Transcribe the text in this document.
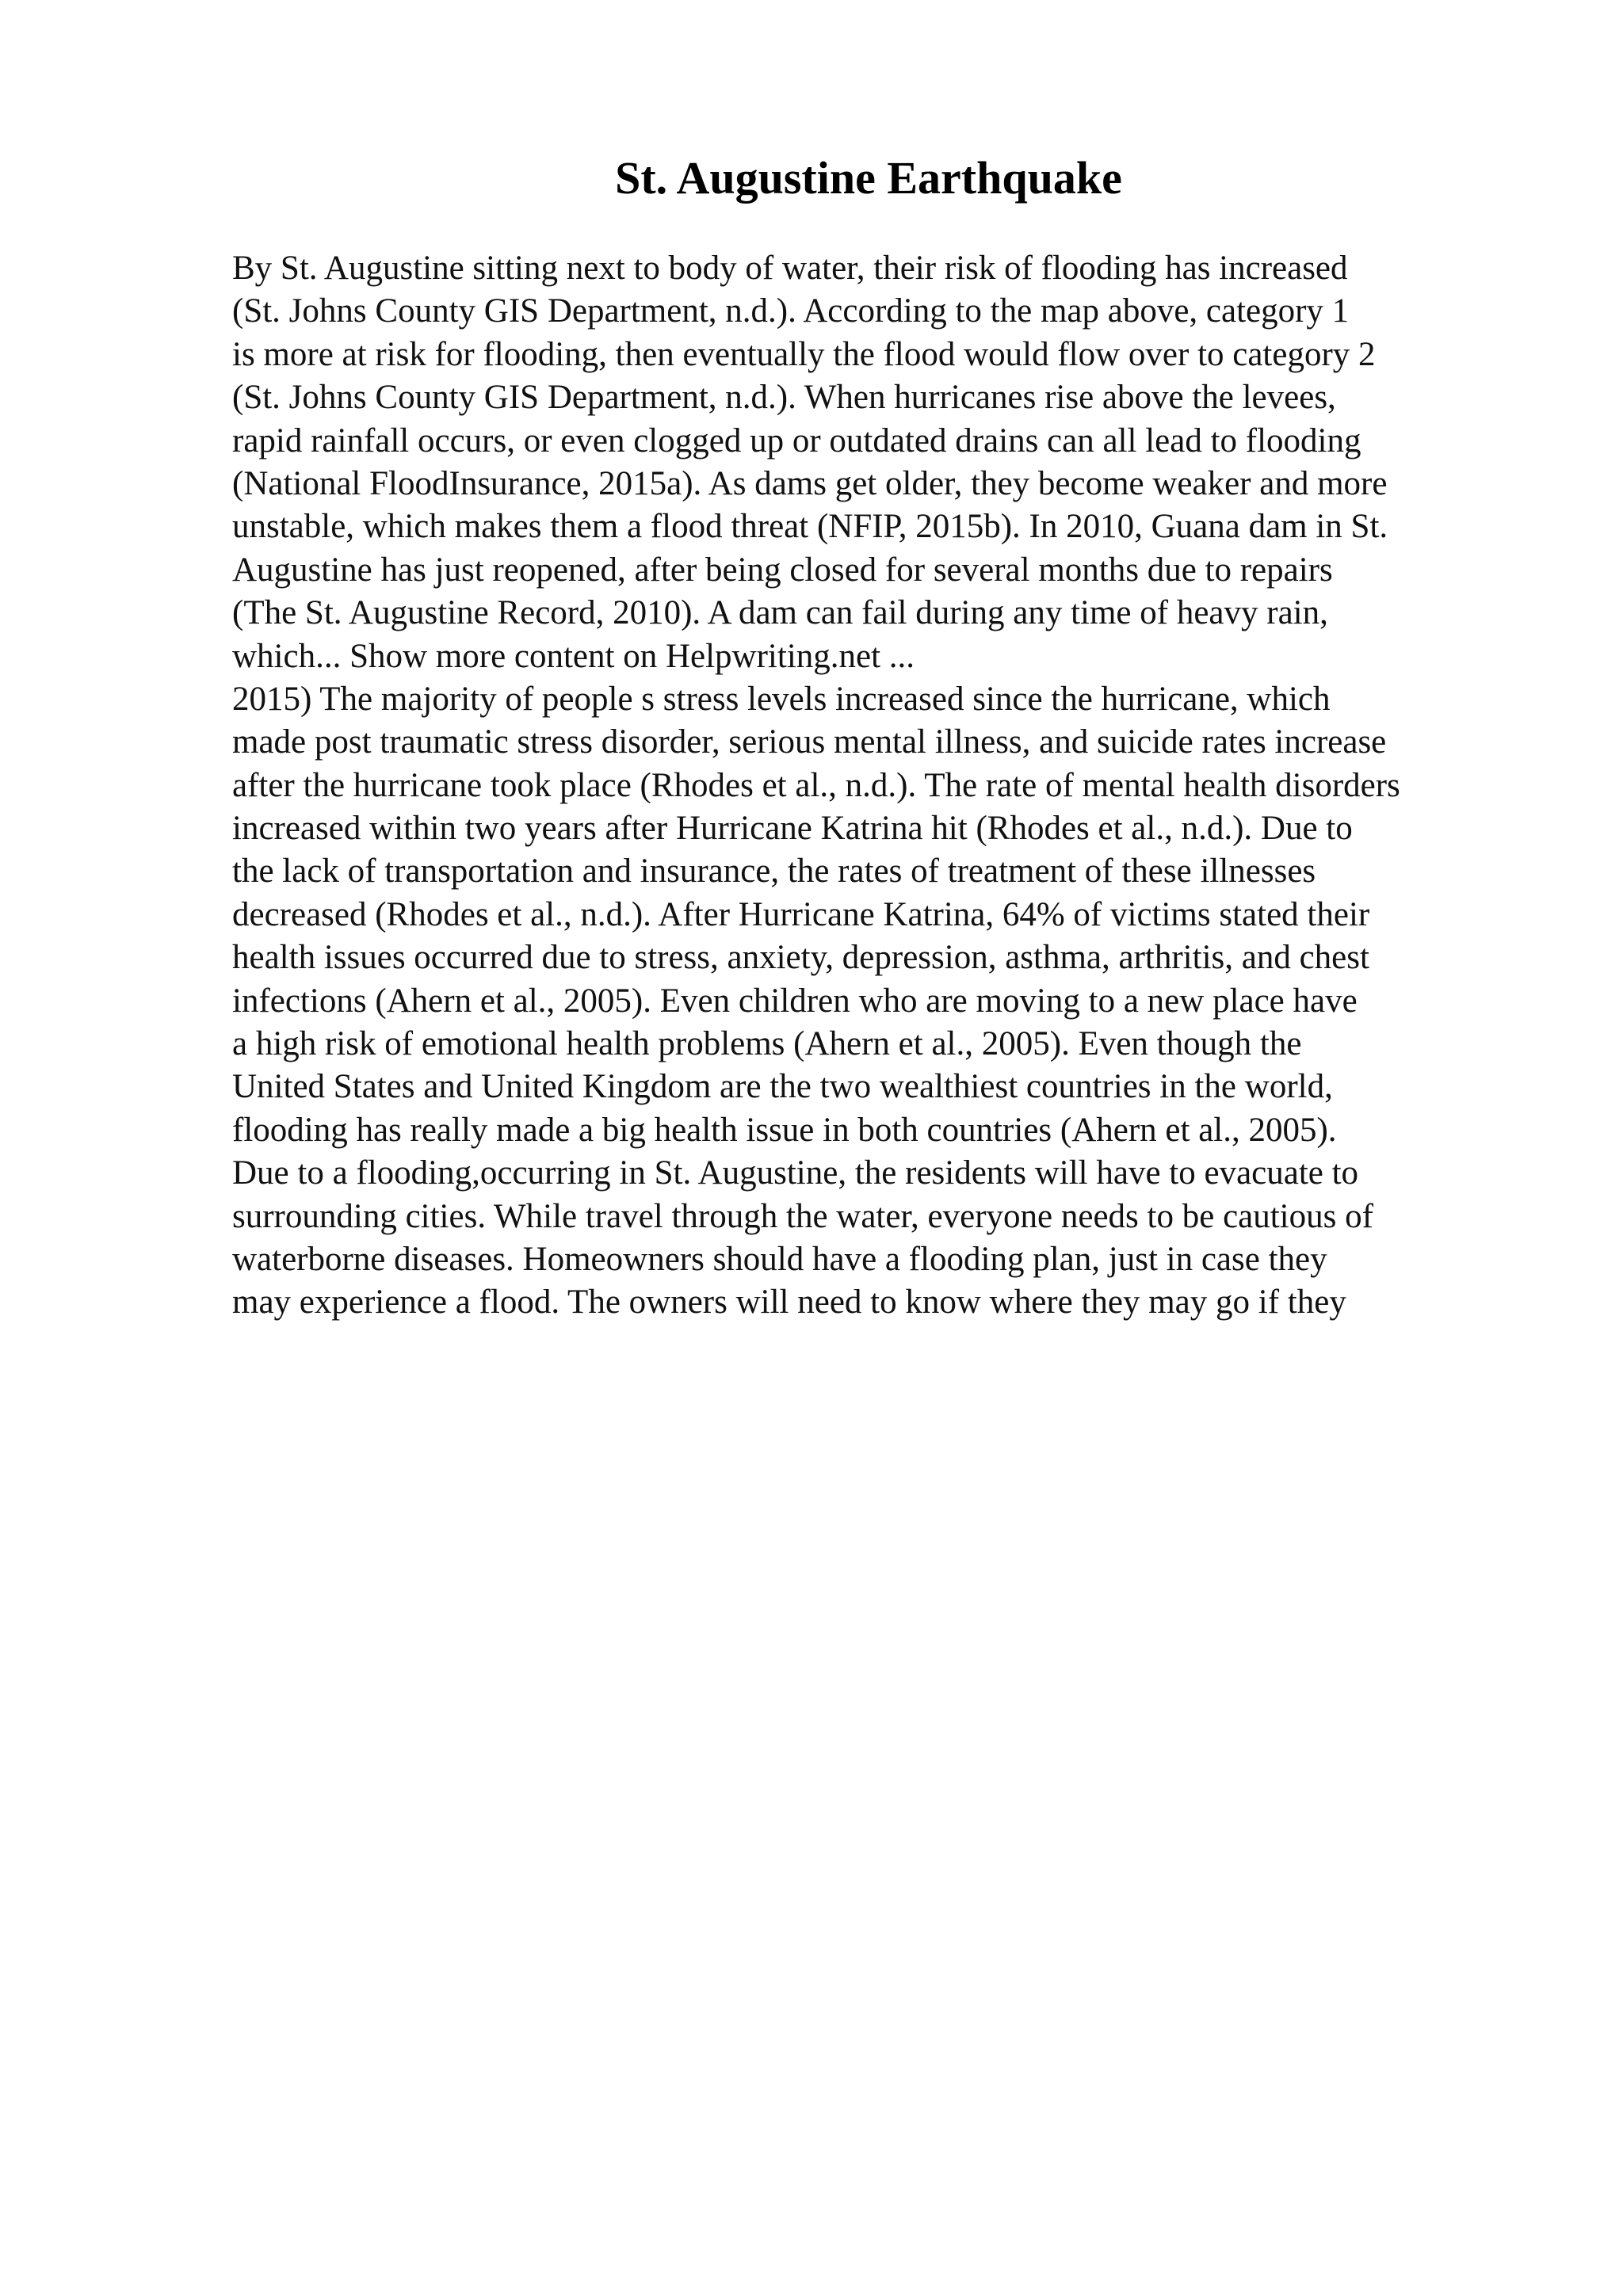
St. Augustine Earthquake
By St. Augustine sitting next to body of water, their risk of flooding has increased
(St. Johns County GIS Department, n.d.). According to the map above, category 1
is more at risk for flooding, then eventually the flood would flow over to category 2
(St. Johns County GIS Department, n.d.). When hurricanes rise above the levees,
rapid rainfall occurs, or even clogged up or outdated drains can all lead to flooding
(National FloodInsurance, 2015a). As dams get older, they become weaker and more
unstable, which makes them a flood threat (NFIP, 2015b). In 2010, Guana dam in St.
Augustine has just reopened, after being closed for several months due to repairs
(The St. Augustine Record, 2010). A dam can fail during any time of heavy rain,
which... Show more content on Helpwriting.net ...
2015) The majority of people s stress levels increased since the hurricane, which
made post traumatic stress disorder, serious mental illness, and suicide rates increase
after the hurricane took place (Rhodes et al., n.d.). The rate of mental health disorders
increased within two years after Hurricane Katrina hit (Rhodes et al., n.d.). Due to
the lack of transportation and insurance, the rates of treatment of these illnesses
decreased (Rhodes et al., n.d.). After Hurricane Katrina, 64% of victims stated their
health issues occurred due to stress, anxiety, depression, asthma, arthritis, and chest
infections (Ahern et al., 2005). Even children who are moving to a new place have
a high risk of emotional health problems (Ahern et al., 2005). Even though the
United States and United Kingdom are the two wealthiest countries in the world,
flooding has really made a big health issue in both countries (Ahern et al., 2005).
Due to a flooding,occurring in St. Augustine, the residents will have to evacuate to
surrounding cities. While travel through the water, everyone needs to be cautious of
waterborne diseases. Homeowners should have a flooding plan, just in case they
may experience a flood. The owners will need to know where they may go if they
